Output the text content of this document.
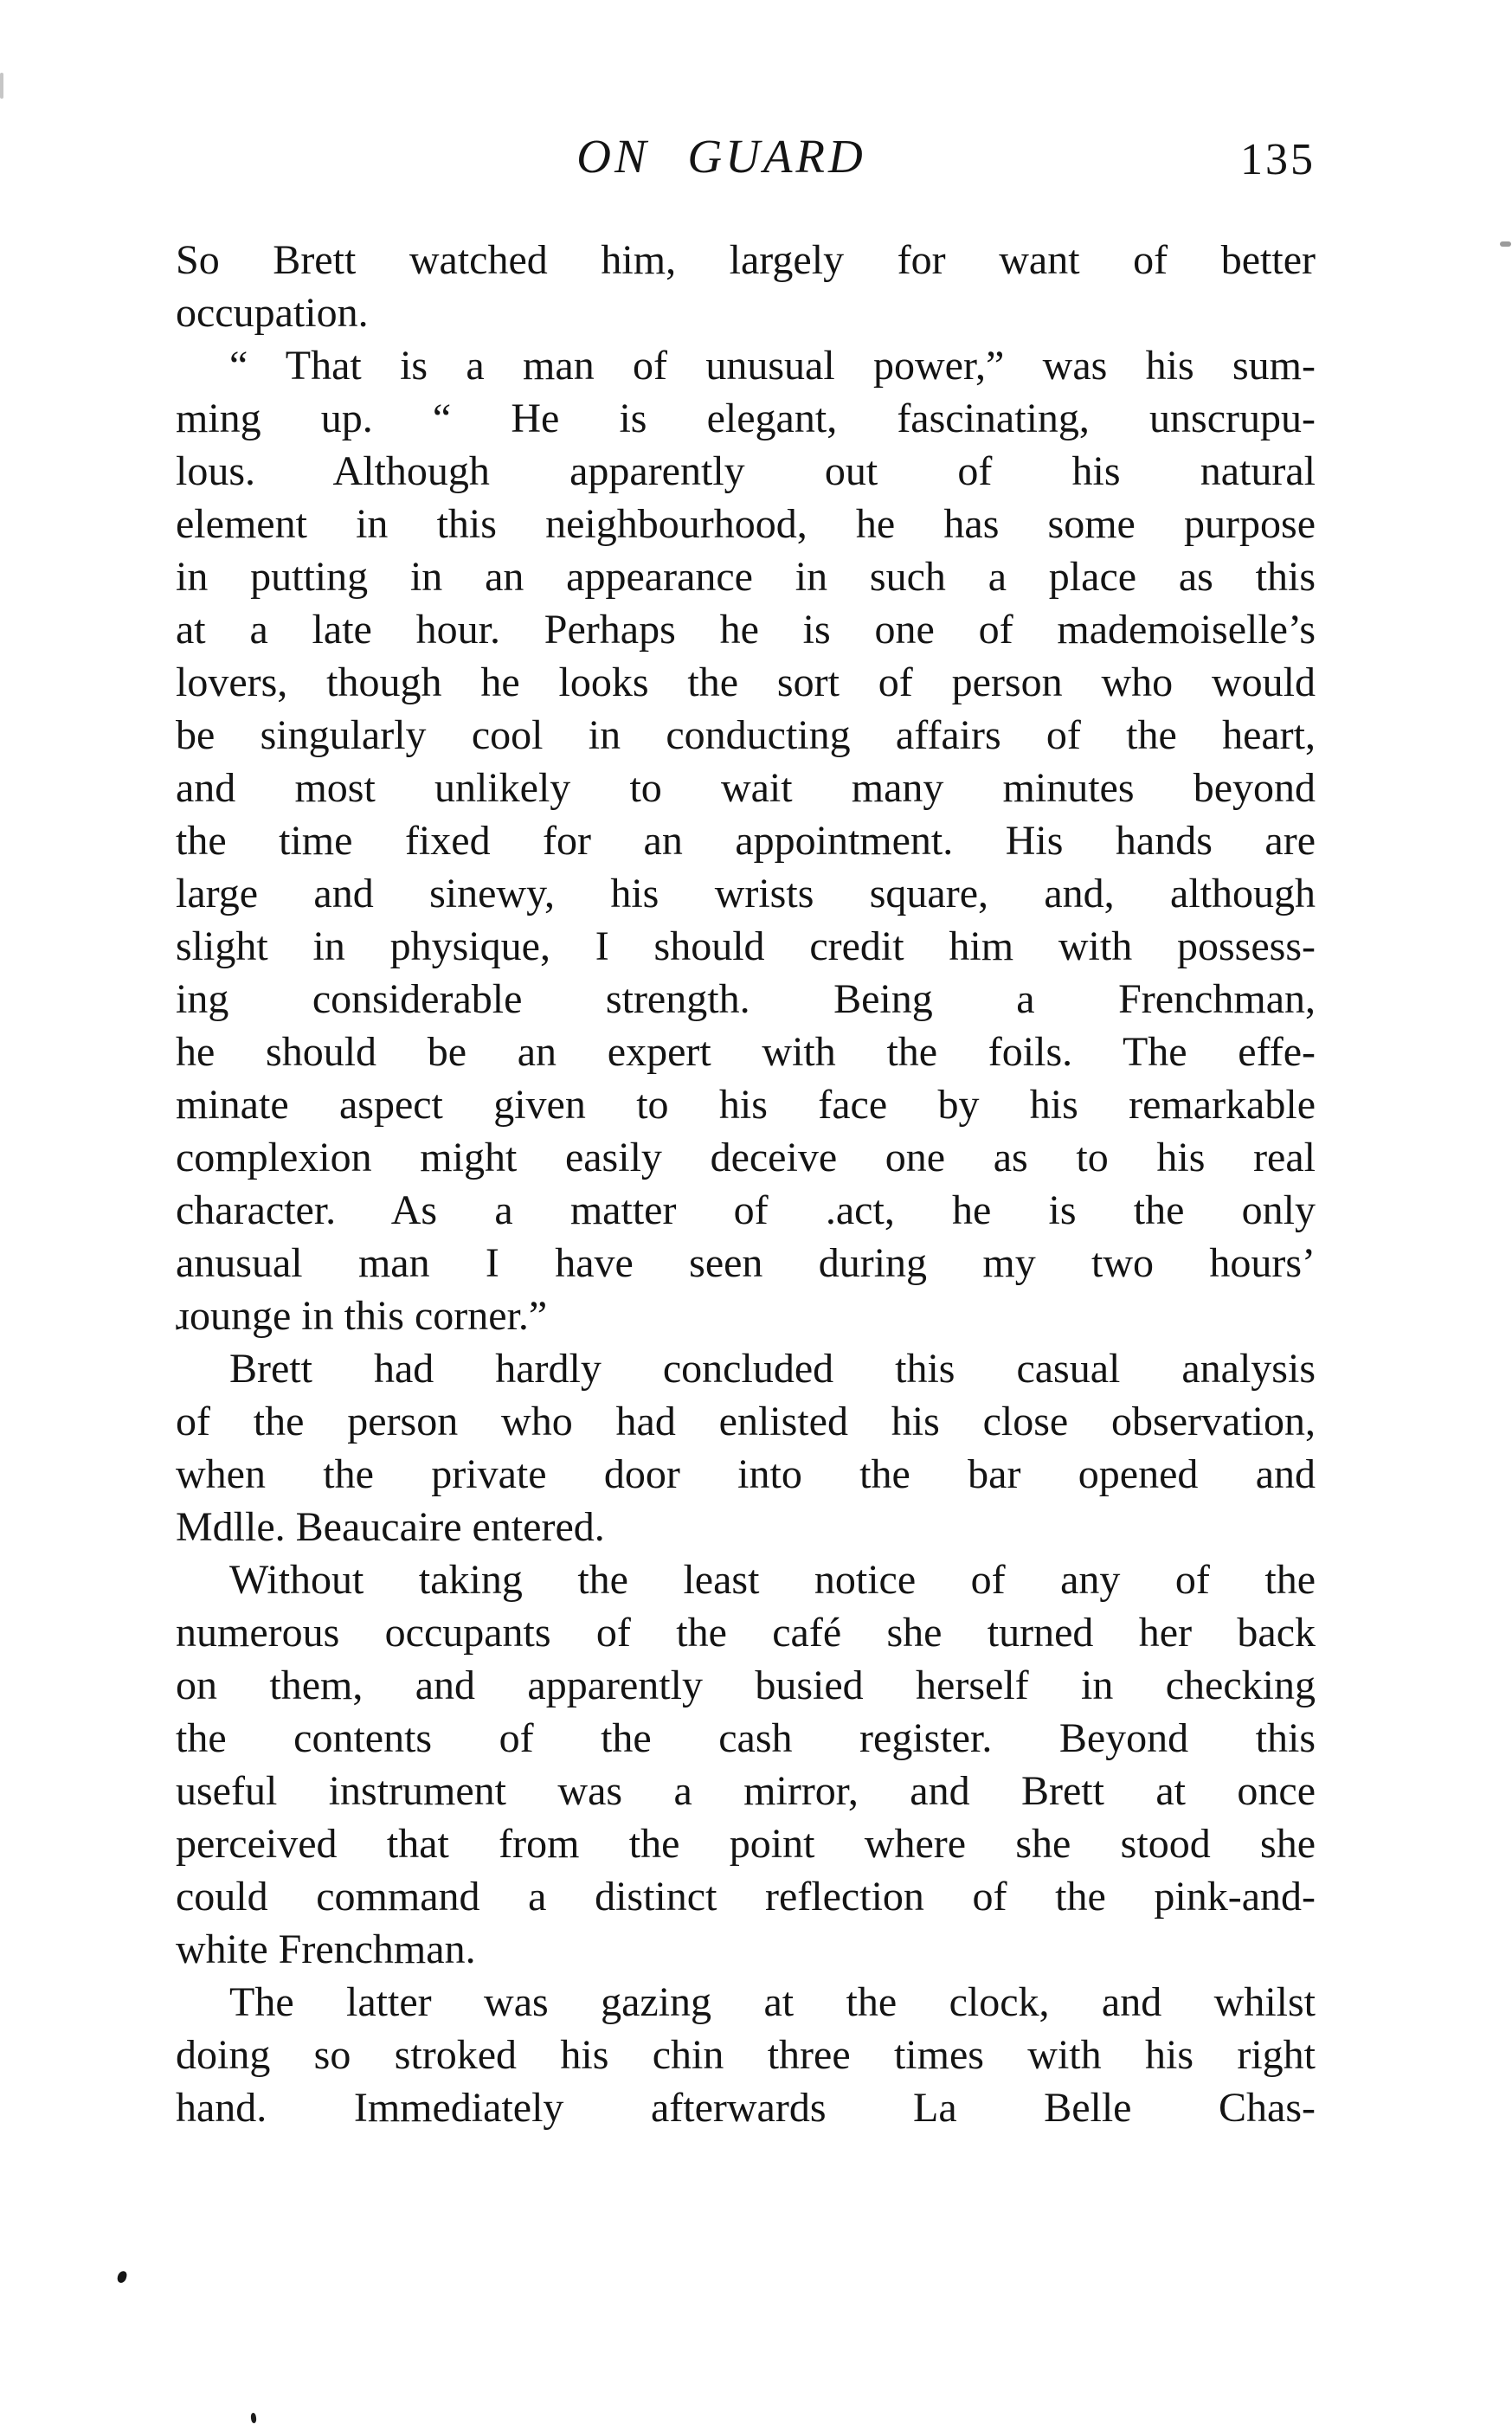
ON GUARD	135
So Brett watched him, largely for want of better
occupation.
“ That is a man of unusual power,” was his sum-
ming up. “ He is elegant, fascinating, unscrupu-
lous. Although apparently out of his natural
element in this neighbourhood, he has some purpose
in putting in an appearance in such a place as this
at a late hour. Perhaps he is one of mademoiselle’s
lovers, though he looks the sort of person who would
be singularly cool in conducting affairs of the heart,
and most unlikely to wait many minutes beyond
the time fixed for an appointment. His hands are
large and sinewy, his wrists square, and, although
slight in physique, I should credit him with possess-
ing considerable strength. Being a Frenchman,
he should be an expert with the foils. The effe-
minate aspect given to his face by his remarkable
complexion might easily deceive one as to his real
character. As a matter of .act, he is the only
anusual man I have seen during my two hours’
ɹounge in this corner.”
Brett had hardly concluded this casual analysis
of the person who had enlisted his close observation,
when the private door into the bar opened and
Mdlle. Beaucaire entered.
Without taking the least notice of any of the
numerous occupants of the café she turned her back
on them, and apparently busied herself in checking
the contents of the cash register. Beyond this
useful instrument was a mirror, and Brett at once
perceived that from the point where she stood she
could command a distinct reflection of the pink-and-
white Frenchman.
The latter was gazing at the clock, and whilst
doing so stroked his chin three times with his right
hand. Immediately afterwards La Belle Chas-
